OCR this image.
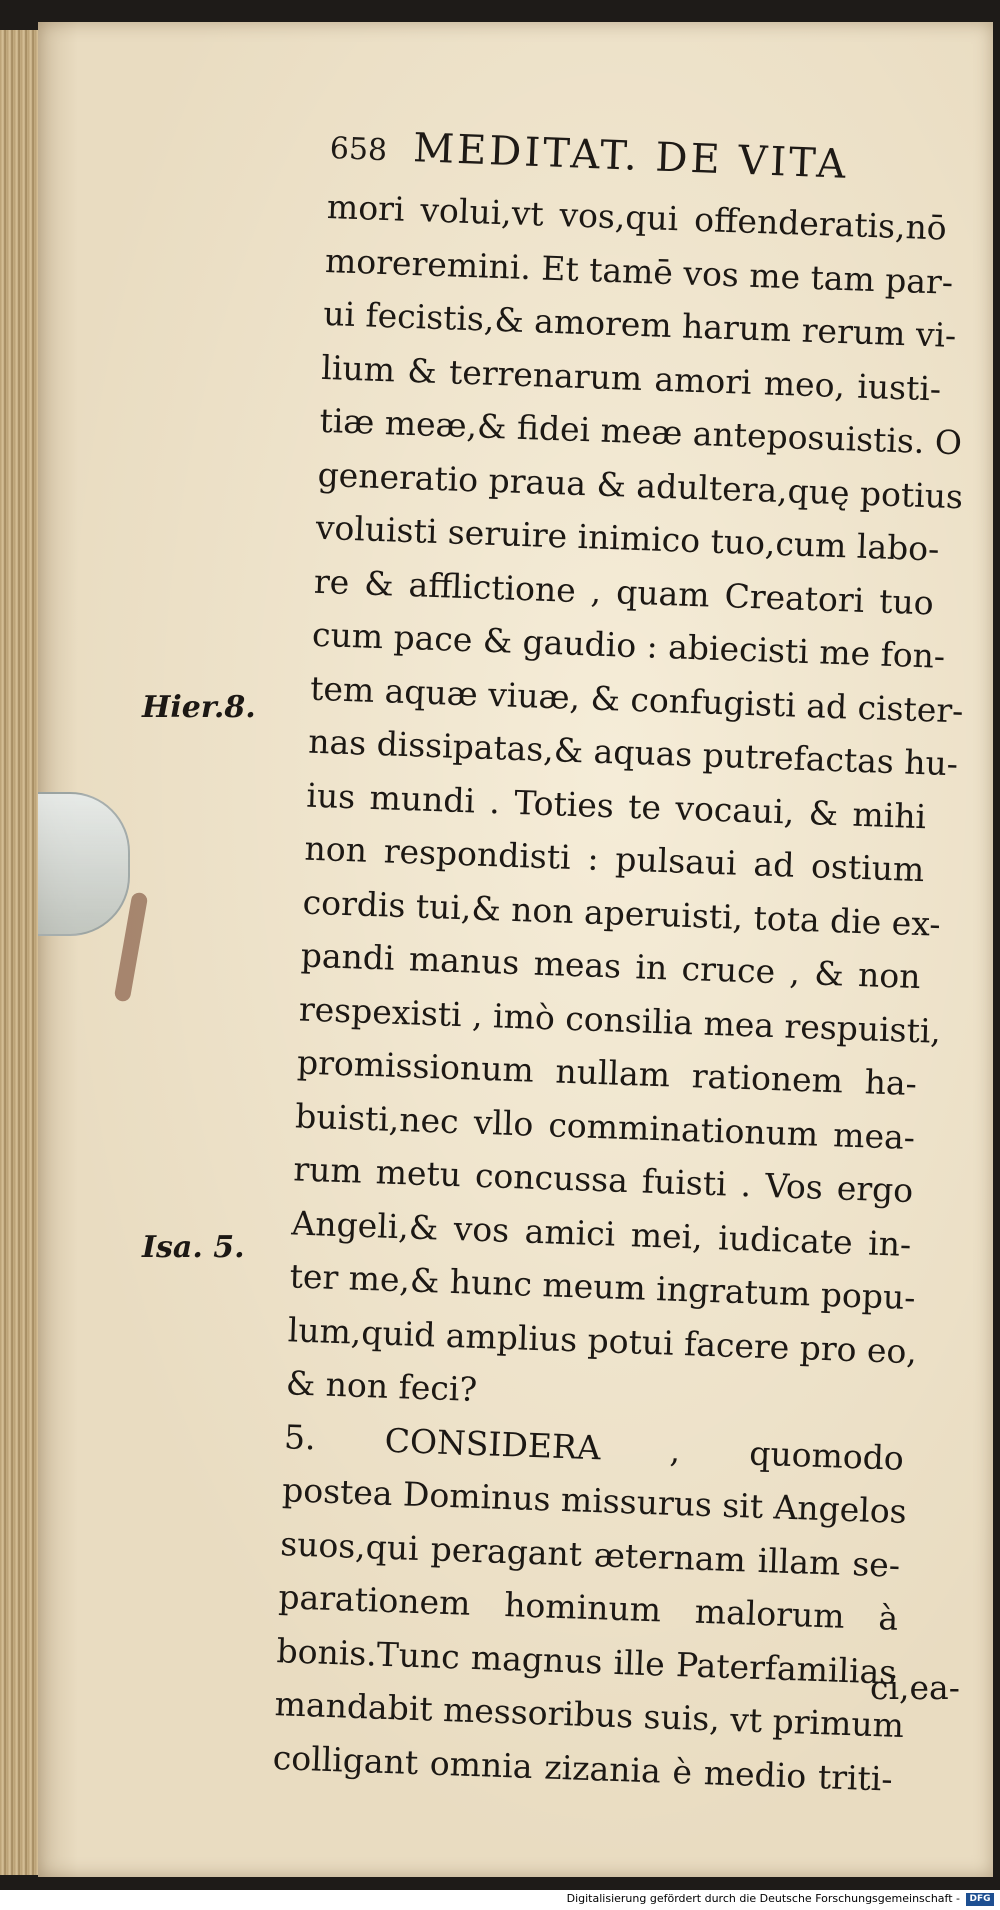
658 MEDITAT. DE VITA
mori volui,vt vos,qui offenderatis,nō
moreremini. Et tamē vos me tam par-
ui fecistis,& amorem harum rerum vi-
lium & terrenarum amori meo, iusti-
tiæ meæ,& fidei meæ anteposuistis. O
generatio praua & adultera,quę potius
voluisti seruire inimico tuo,cum labo-
re & afflictione , quam Creatori tuo
cum pace & gaudio : abiecisti me fon-
tem aquæ viuæ, & confugisti ad cister-
nas dissipatas,& aquas putrefactas hu-
ius mundi . Toties te vocaui, & mihi
non respondisti : pulsaui ad ostium
cordis tui,& non aperuisti, tota die ex-
pandi manus meas in cruce , & non
respexisti , imò consilia mea respuisti,
promissionum nullam rationem ha-
buisti,nec vllo comminationum mea-
rum metu concussa fuisti . Vos ergo
Angeli,& vos amici mei, iudicate in-
ter me,& hunc meum ingratum popu-
lum,quid amplius potui facere pro eo,
& non feci?
5. CONSIDERA , quomodo
postea Dominus missurus sit Angelos
suos,qui peragant æternam illam se-
parationem hominum malorum à
bonis.Tunc magnus ille Paterfamilias
mandabit messoribus suis, vt primum
colligant omnia zizania è medio triti-
ci,ea-
Hier.8.
Isa. 5.
Digitalisierung gefördert durch die Deutsche Forschungsgemeinschaft -	DFG
